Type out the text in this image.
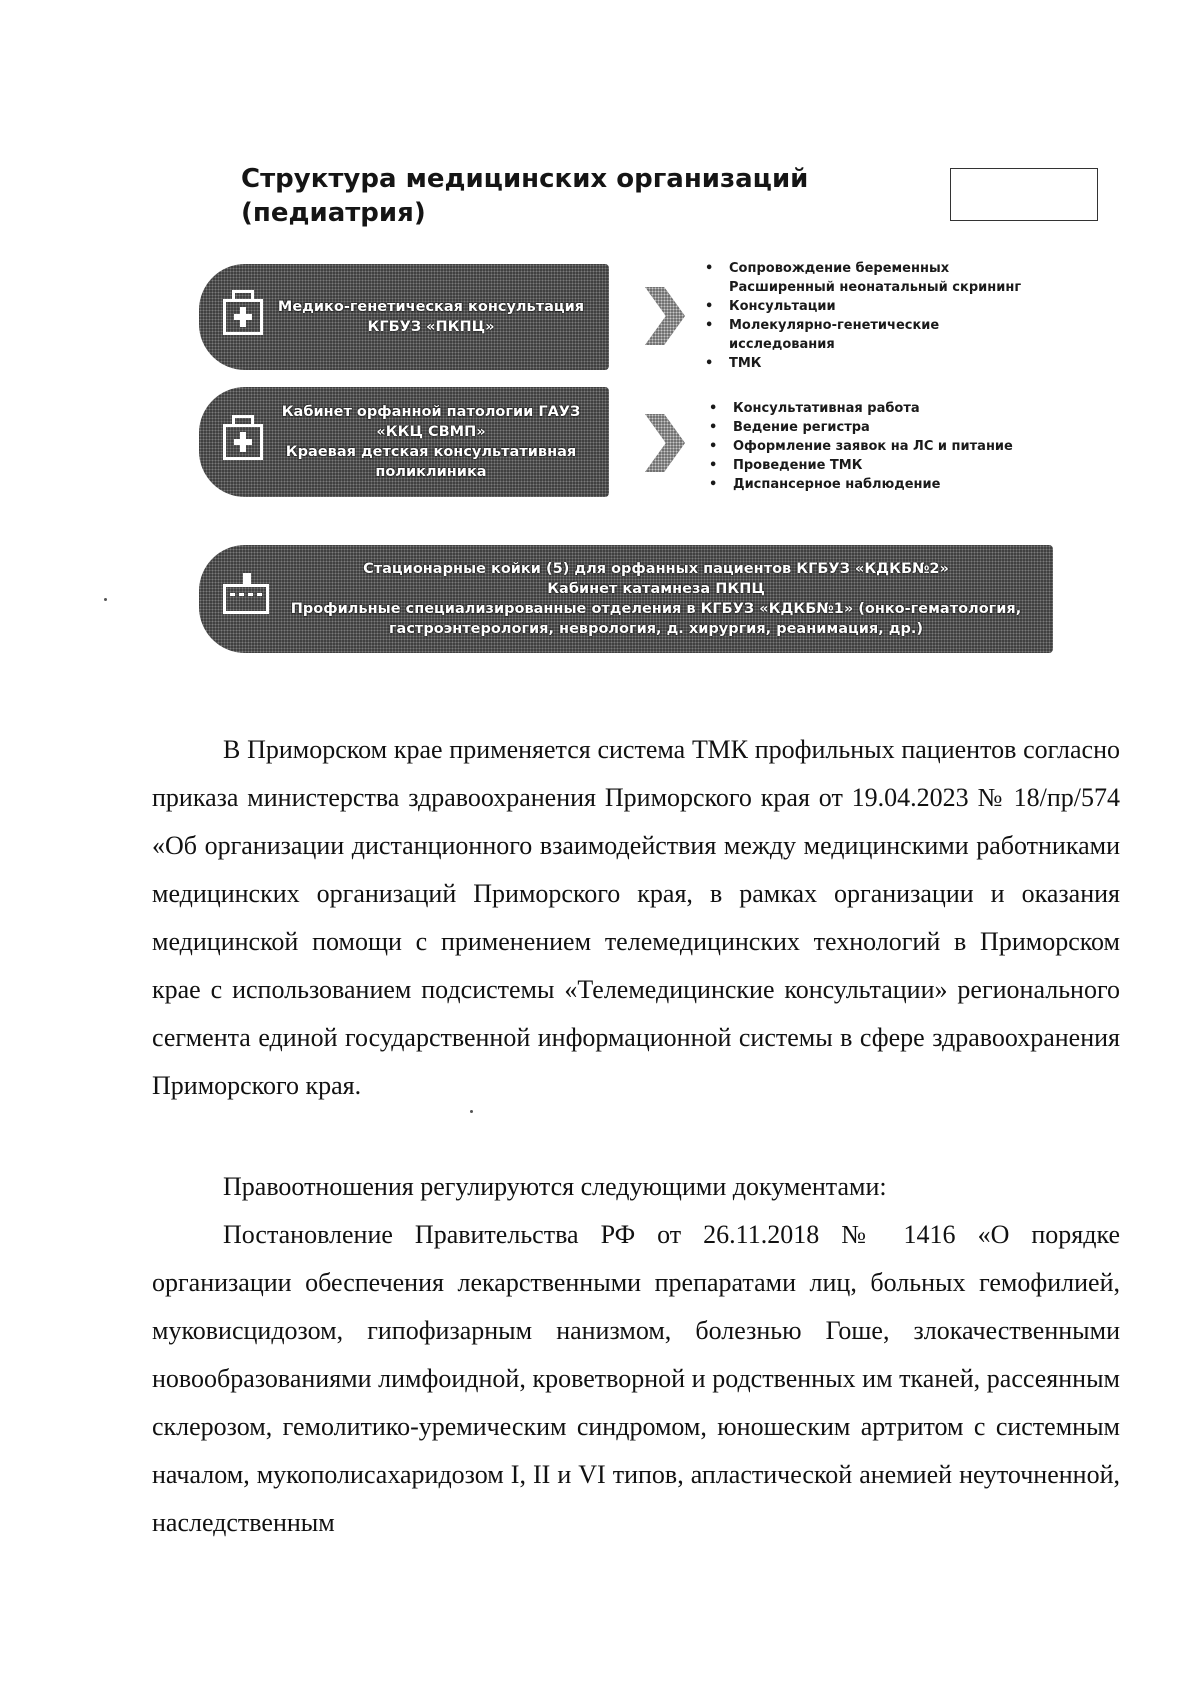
Структура медицинских организаций
(педиатрия)
Медико-генетическая консультация
КГБУЗ «ПКПЦ»
• Сопровождение беременных
Расширенный неонатальный скрининг
• Консультации
• Молекулярно-генетические
исследования
• ТМК
Кабинет орфанной патологии ГАУЗ
«ККЦ СВМП»
Краевая детская консультативная
поликлиника
• Консультативная работа
• Ведение регистра
• Оформление заявок на ЛС и питание
• Проведение ТМК
• Диспансерное наблюдение
Стационарные койки (5) для орфанных пациентов КГБУЗ «КДКБ№2»
Кабинет катамнеза ПКПЦ
Профильные специализированные отделения в КГБУЗ «КДКБ№1» (онко-гематология,
гастроэнтерология, неврология, д. хирургия, реанимация, др.)

В Приморском крае применяется система ТМК профильных пациентов согласно приказа министерства здравоохранения Приморского края от 19.04.2023 № 18/пр/574 «Об организации дистанционного взаимодействия между медицинскими работниками медицинских организаций Приморского края, в рамках организации и оказания медицинской помощи с применением телемедицинских технологий в Приморском крае с использованием подсистемы «Телемедицинские консультации» регионального сегмента единой государственной информационной системы в сфере здравоохранения Приморского края.

Правоотношения регулируются следующими документами:

Постановление Правительства РФ от 26.11.2018 № 1416 «О порядке организации обеспечения лекарственными препаратами лиц, больных гемофилией, муковисцидозом, гипофизарным нанизмом, болезнью Гоше, злокачественными новообразованиями лимфоидной, кроветворной и родственных им тканей, рассеянным склерозом, гемолитико-уремическим синдромом, юношеским артритом с системным началом, мукополисахаридозом I, II и VI типов, апластической анемией неуточненной, наследственным
